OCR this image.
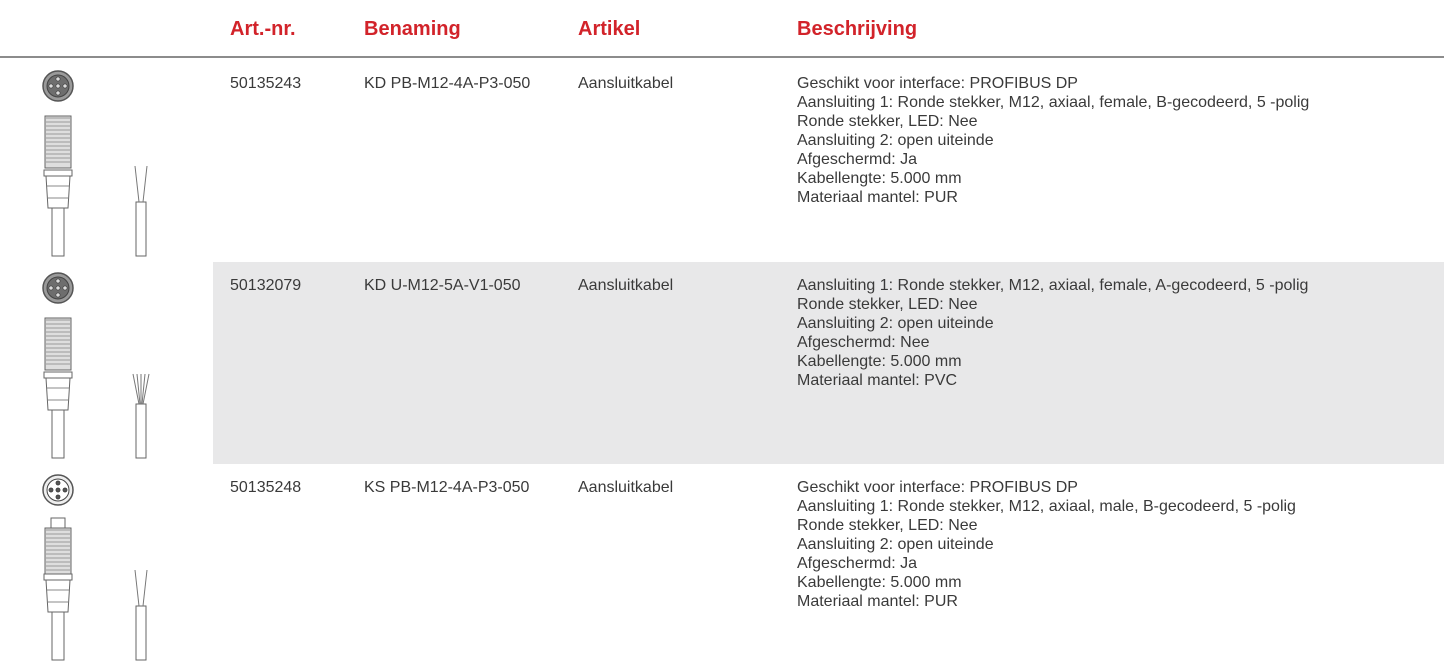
Art.-nr.	Benaming	Artikel	Beschrijving
50135243	KD PB-M12-4A-P3-050	Aansluitkabel	Geschikt voor interface: PROFIBUS DP
Aansluiting 1: Ronde stekker, M12, axiaal, female, B-gecodeerd, 5 -polig
Ronde stekker, LED: Nee
Aansluiting 2: open uiteinde
Afgeschermd: Ja
Kabellengte: 5.000 mm
Materiaal mantel: PUR
50132079	KD U-M12-5A-V1-050	Aansluitkabel	Aansluiting 1: Ronde stekker, M12, axiaal, female, A-gecodeerd, 5 -polig
Ronde stekker, LED: Nee
Aansluiting 2: open uiteinde
Afgeschermd: Nee
Kabellengte: 5.000 mm
Materiaal mantel: PVC
50135248	KS PB-M12-4A-P3-050	Aansluitkabel	Geschikt voor interface: PROFIBUS DP
Aansluiting 1: Ronde stekker, M12, axiaal, male, B-gecodeerd, 5 -polig
Ronde stekker, LED: Nee
Aansluiting 2: open uiteinde
Afgeschermd: Ja
Kabellengte: 5.000 mm
Materiaal mantel: PUR
